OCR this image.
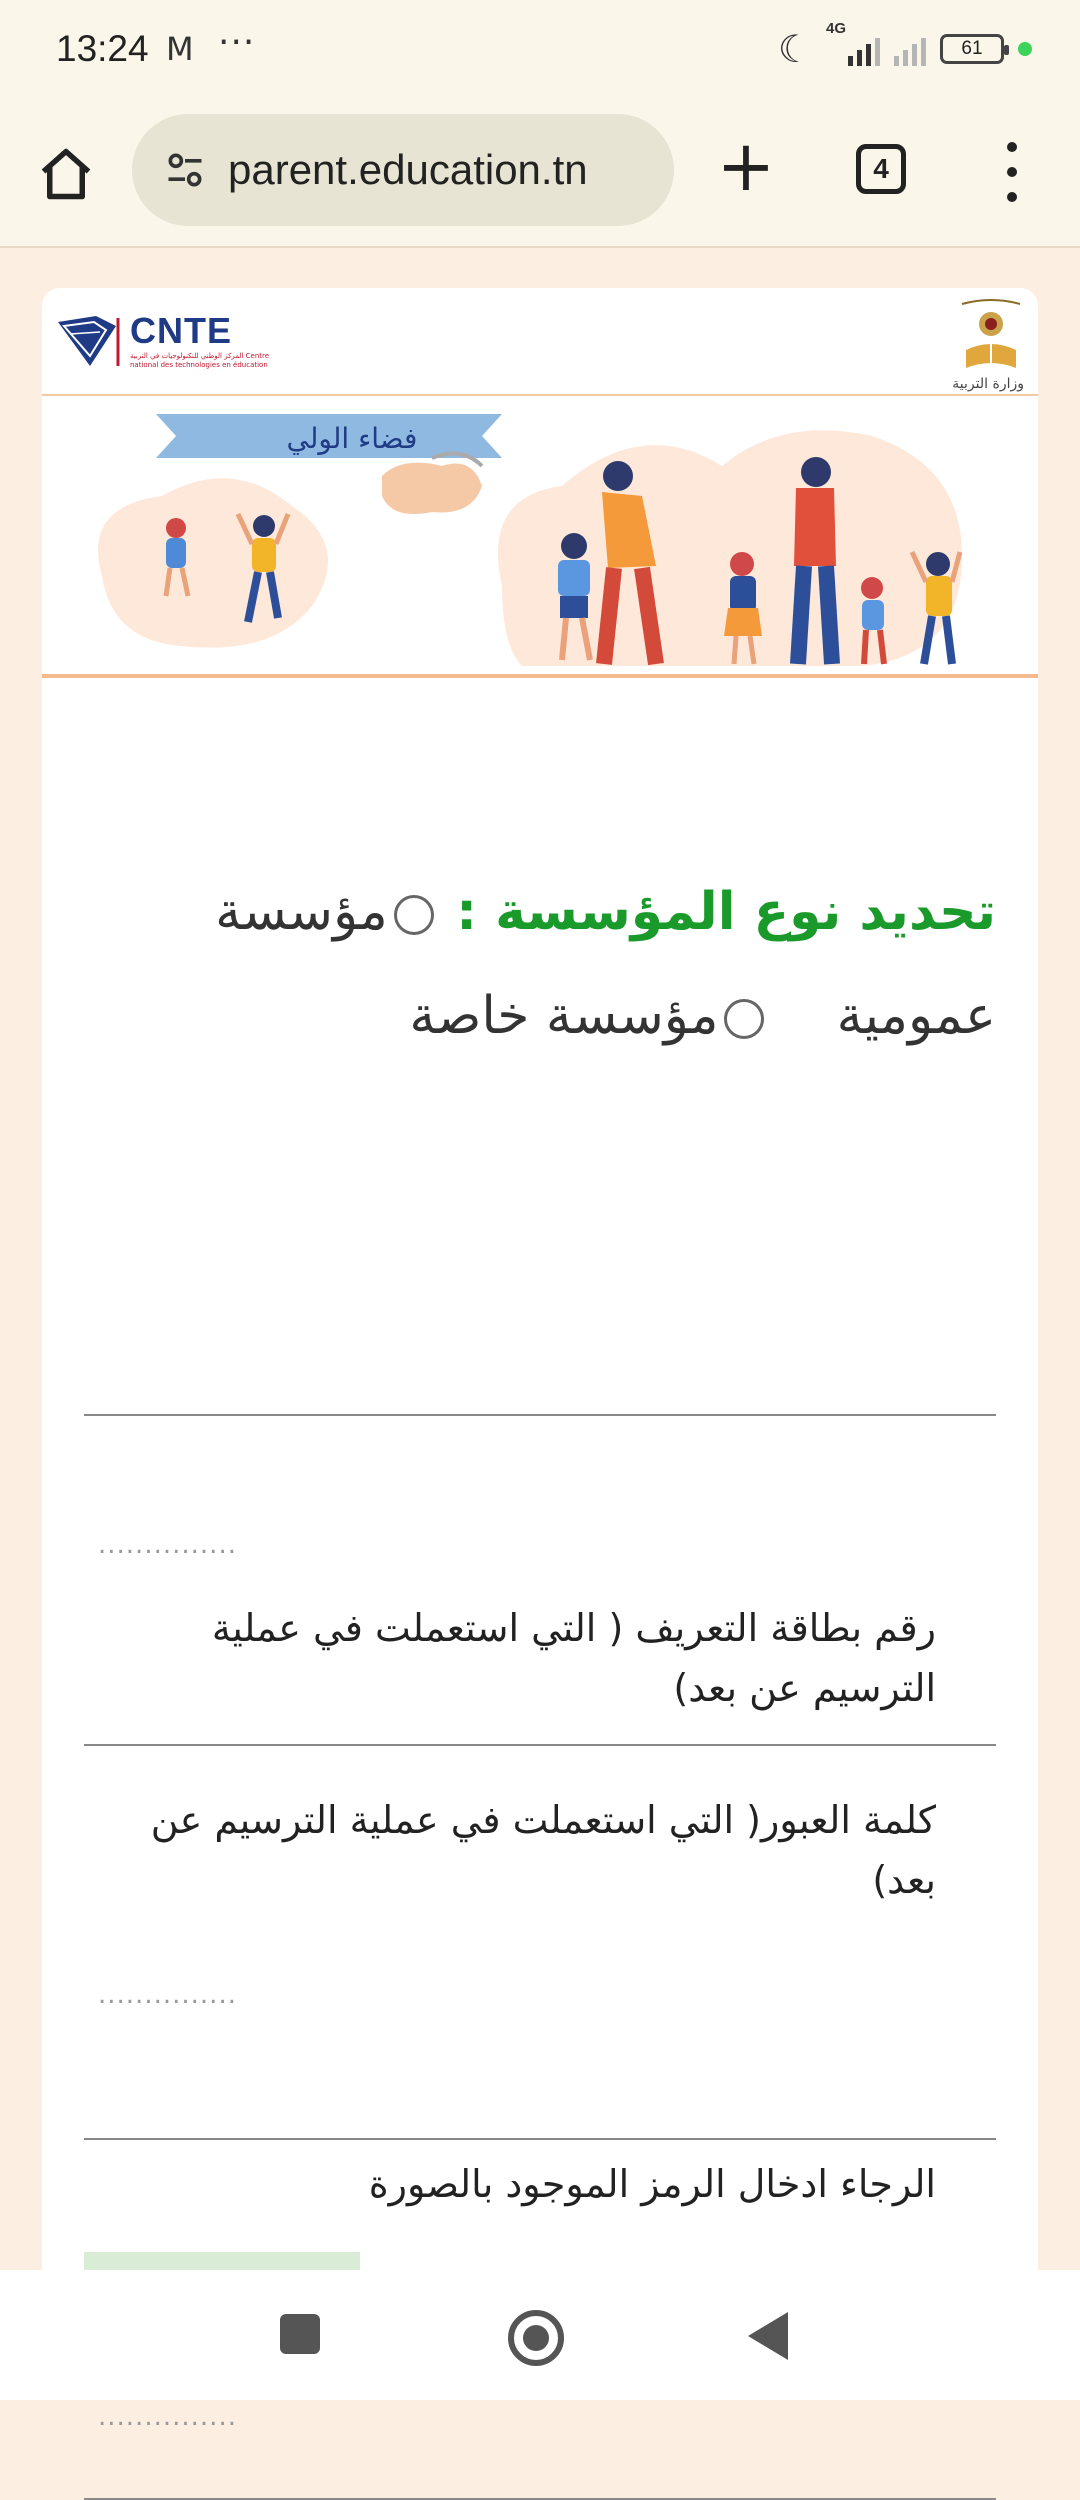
13:24 M ···	☾ 4G
61
parent.education.tn +	4
CNTE
المركز الوطني للتكنولوجيات في التربية Centre national des technologies en éducation
وزارة التربية
فضاء الولي
تحديد نوع المؤسسة : مؤسسة عمومية    مؤسسة خاصة
...............
رقم بطاقة التعريف ( التي استعملت في عملية الترسيم عن بعد)
كلمة العبور( التي استعملت في عملية الترسيم عن بعد)
...............
الرجاء ادخال الرمز الموجود بالصورة
...............
